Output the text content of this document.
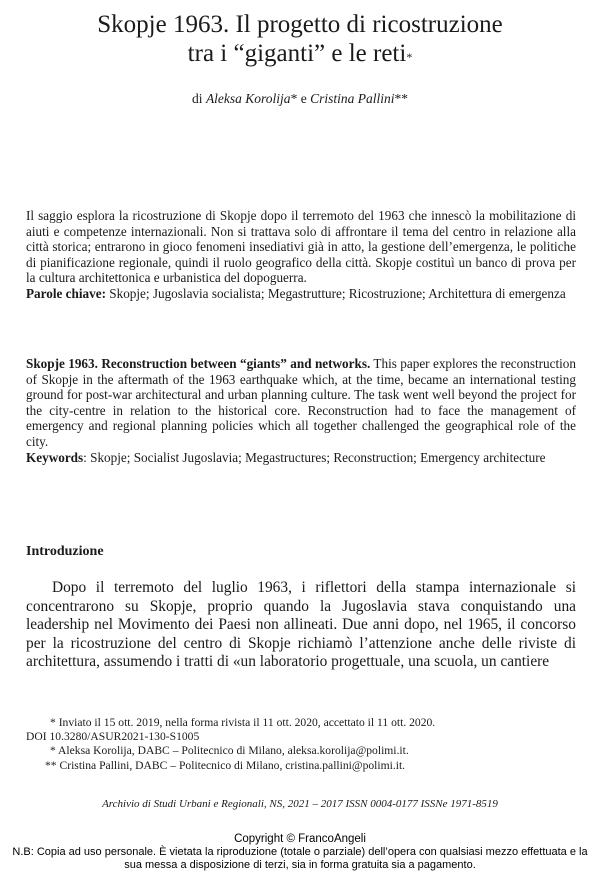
Skopje 1963. Il progetto di ricostruzione
tra i “giganti” e le reti*
di Aleksa Korolija* e Cristina Pallini**
Il saggio esplora la ricostruzione di Skopje dopo il terremoto del 1963 che innescò la mobilitazione di aiuti e competenze internazionali. Non si trattava solo di affrontare il tema del centro in relazione alla città storica; entrarono in gioco fenomeni insediativi già in atto, la gestione dell’emergenza, le politiche di pianificazione regionale, quindi il ruolo geografico della città. Skopje costituì un banco di prova per la cultura architettonica e urbanistica del dopoguerra.
Parole chiave: Skopje; Jugoslavia socialista; Megastrutture; Ricostruzione; Architettura di emergenza
Skopje 1963. Reconstruction between “giants” and networks. This paper explores the reconstruction of Skopje in the aftermath of the 1963 earthquake which, at the time, became an international testing ground for post-war architectural and urban planning culture. The task went well beyond the project for the city-centre in relation to the historical core. Reconstruction had to face the management of emergency and regional planning policies which all together challenged the geographical role of the city.
Keywords: Skopje; Socialist Jugoslavia; Megastructures; Reconstruction; Emergency architecture
Introduzione
Dopo il terremoto del luglio 1963, i riflettori della stampa internazionale si concentrarono su Skopje, proprio quando la Jugoslavia stava conquistando una leadership nel Movimento dei Paesi non allineati. Due anni dopo, nel 1965, il concorso per la ricostruzione del centro di Skopje richiamò l’attenzione anche delle riviste di architettura, assumendo i tratti di «un laboratorio progettuale, una scuola, un cantiere
* Inviato il 15 ott. 2019, nella forma rivista il 11 ott. 2020, accettato il 11 ott. 2020.
DOI 10.3280/ASUR2021-130-S1005
* Aleksa Korolija, DABC – Politecnico di Milano, aleksa.korolija@polimi.it.
** Cristina Pallini, DABC – Politecnico di Milano, cristina.pallini@polimi.it.
Archivio di Studi Urbani e Regionali, NS, 2021 – 2017 ISSN 0004-0177 ISSNe 1971-8519
Copyright © FrancoAngeli
N.B: Copia ad uso personale. È vietata la riproduzione (totale o parziale) dell’opera con qualsiasi mezzo effettuata e la sua messa a disposizione di terzi, sia in forma gratuita sia a pagamento.
